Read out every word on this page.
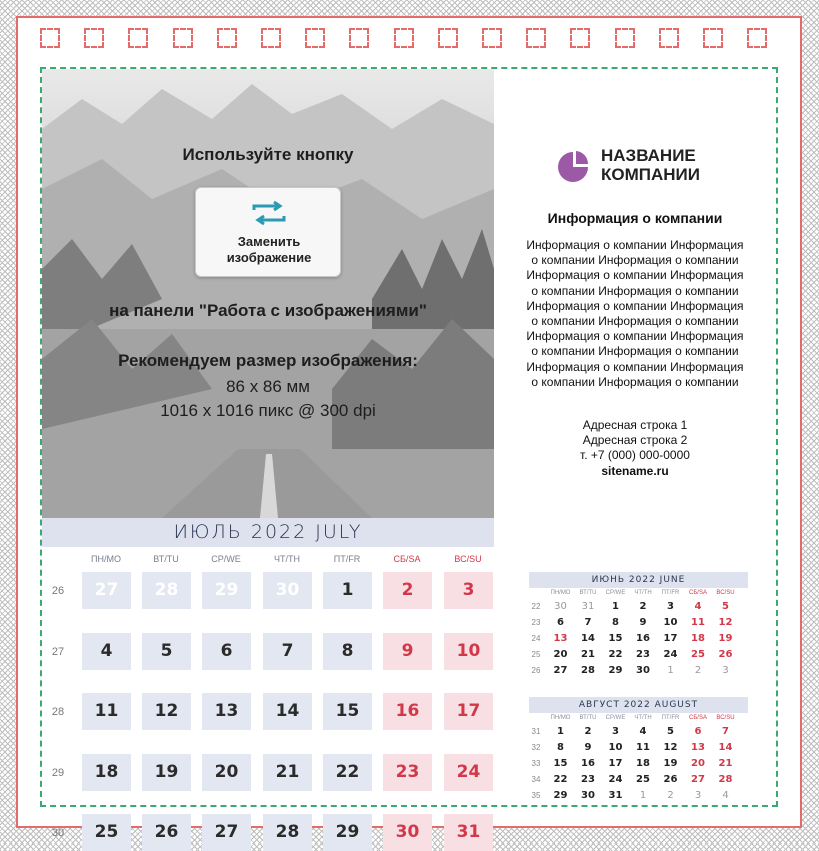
Используйте кнопку
Заменить
изображение
на панели "Работа с изображениями"
Рекомендуем размер изображения:
86 x 86 мм
1016 x 1016 пикс @ 300 dpi
ИЮЛЬ 2022 JULY
ПН/MO	ВТ/TU	СР/WE	ЧТ/TH	ПТ/FR	СБ/SA	ВС/SU
26	27	28	29	30	1	2	3
27	4	5	6	7	8	9	10
28	11	12	13	14	15	16	17
29	18	19	20	21	22	23	24
30	25	26	27	28	29	30	31
НАЗВАНИЕ
КОМПАНИИ
Информация о компании
Информация о компании Информация
о компании Информация о компании
Информация о компании Информация
о компании Информация о компании
Информация о компании Информация
о компании Информация о компании
Информация о компании Информация
о компании Информация о компании
Информация о компании Информация
о компании Информация о компании
Адресная строка 1
Адресная строка 2
т. +7 (000) 000-0000
sitename.ru
ИЮНЬ 2022 JUNE
ПН/MO	ВТ/TU	СР/WE	ЧТ/TH	ПТ/FR	СБ/SA	ВС/SU
22	30	31	1	2	3	4	5
23	6	7	8	9	10	11	12
24	13	14	15	16	17	18	19
25	20	21	22	23	24	25	26
26	27	28	29	30	1	2	3
АВГУСТ 2022 AUGUST
ПН/MO	ВТ/TU	СР/WE	ЧТ/TH	ПТ/FR	СБ/SA	ВС/SU
31	1	2	3	4	5	6	7
32	8	9	10	11	12	13	14
33	15	16	17	18	19	20	21
34	22	23	24	25	26	27	28
35	29	30	31	1	2	3	4
